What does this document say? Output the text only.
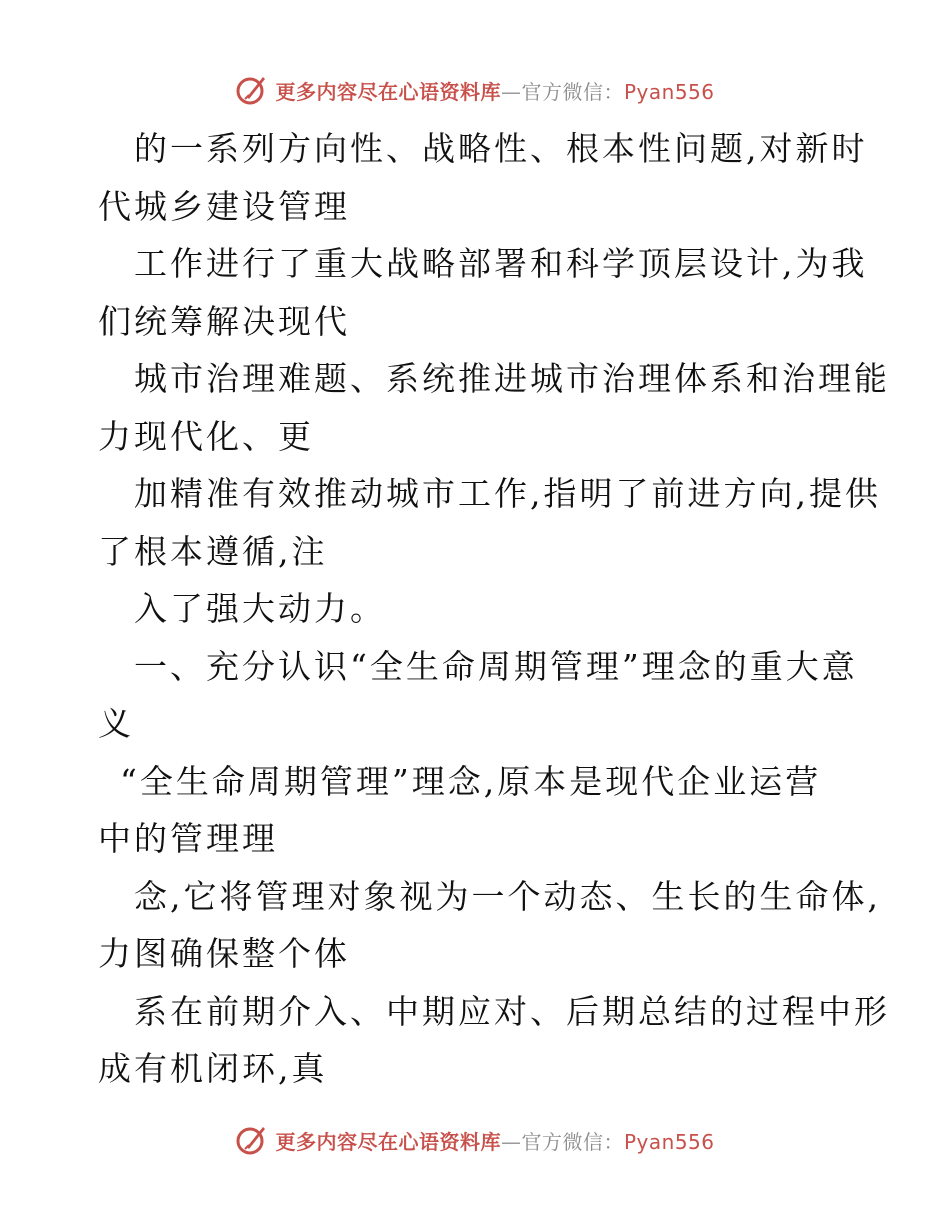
更多内容尽在心语资料库—官方微信：Pyan556
的一系列方向性、战略性、根本性问题,对新时
代城乡建设管理
工作进行了重大战略部署和科学顶层设计,为我
们统筹解决现代
城市治理难题、系统推进城市治理体系和治理能
力现代化、更
加精准有效推动城市工作,指明了前进方向,提供
了根本遵循,注
入了强大动力。
一、充分认识“全生命周期管理”理念的重大意
义
“全生命周期管理”理念,原本是现代企业运营
中的管理理
念,它将管理对象视为一个动态、生长的生命体,
力图确保整个体
系在前期介入、中期应对、后期总结的过程中形
成有机闭环,真
更多内容尽在心语资料库—官方微信：Pyan556
